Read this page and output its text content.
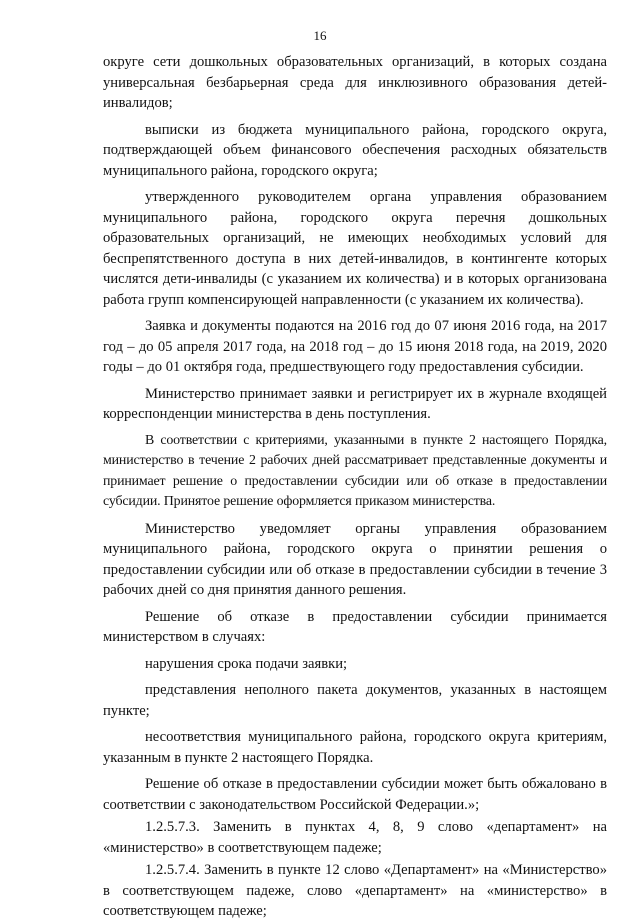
16

округе сети дошкольных образовательных организаций, в которых создана универсальная безбарьерная среда для инклюзивного образования детей-инвалидов;

выписки из бюджета муниципального района, городского округа, подтверждающей объем финансового обеспечения расходных обязательств муниципального района, городского округа;

утвержденного руководителем органа управления образованием муниципального района, городского округа перечня дошкольных образовательных организаций, не имеющих необходимых условий для беспрепятственного доступа в них детей-инвалидов, в контингенте которых числятся дети-инвалиды (с указанием их количества) и в которых организована работа групп компенсирующей направленности (с указанием их количества).

Заявка и документы подаются на 2016 год до 07 июня 2016 года, на 2017 год – до 05 апреля 2017 года, на 2018 год – до 15 июня 2018 года, на 2019, 2020 годы – до 01 октября года, предшествующего году предоставления субсидии.

Министерство принимает заявки и регистрирует их в журнале входящей корреспонденции министерства в день поступления.

В соответствии с критериями, указанными в пункте 2 настоящего Порядка, министерство в течение 2 рабочих дней рассматривает представленные документы и принимает решение о предоставлении субсидии или об отказе в предоставлении субсидии. Принятое решение оформляется приказом министерства.

Министерство уведомляет органы управления образованием муниципального района, городского округа о принятии решения о предоставлении субсидии или об отказе в предоставлении субсидии в течение 3 рабочих дней со дня принятия данного решения.

Решение об отказе в предоставлении субсидии принимается министерством в случаях:

нарушения срока подачи заявки;

представления неполного пакета документов, указанных в настоящем пункте;

несоответствия муниципального района, городского округа критериям, указанным в пункте 2 настоящего Порядка.

Решение об отказе в предоставлении субсидии может быть обжаловано в соответствии с законодательством Российской Федерации.»;

1.2.5.7.3. Заменить в пунктах 4, 8, 9 слово «департамент» на «министерство» в соответствующем падеже;

1.2.5.7.4. Заменить в пункте 12 слово «Департамент» на «Министерство» в соответствующем падеже, слово «департамент» на «министерство» в соответствующем падеже;
